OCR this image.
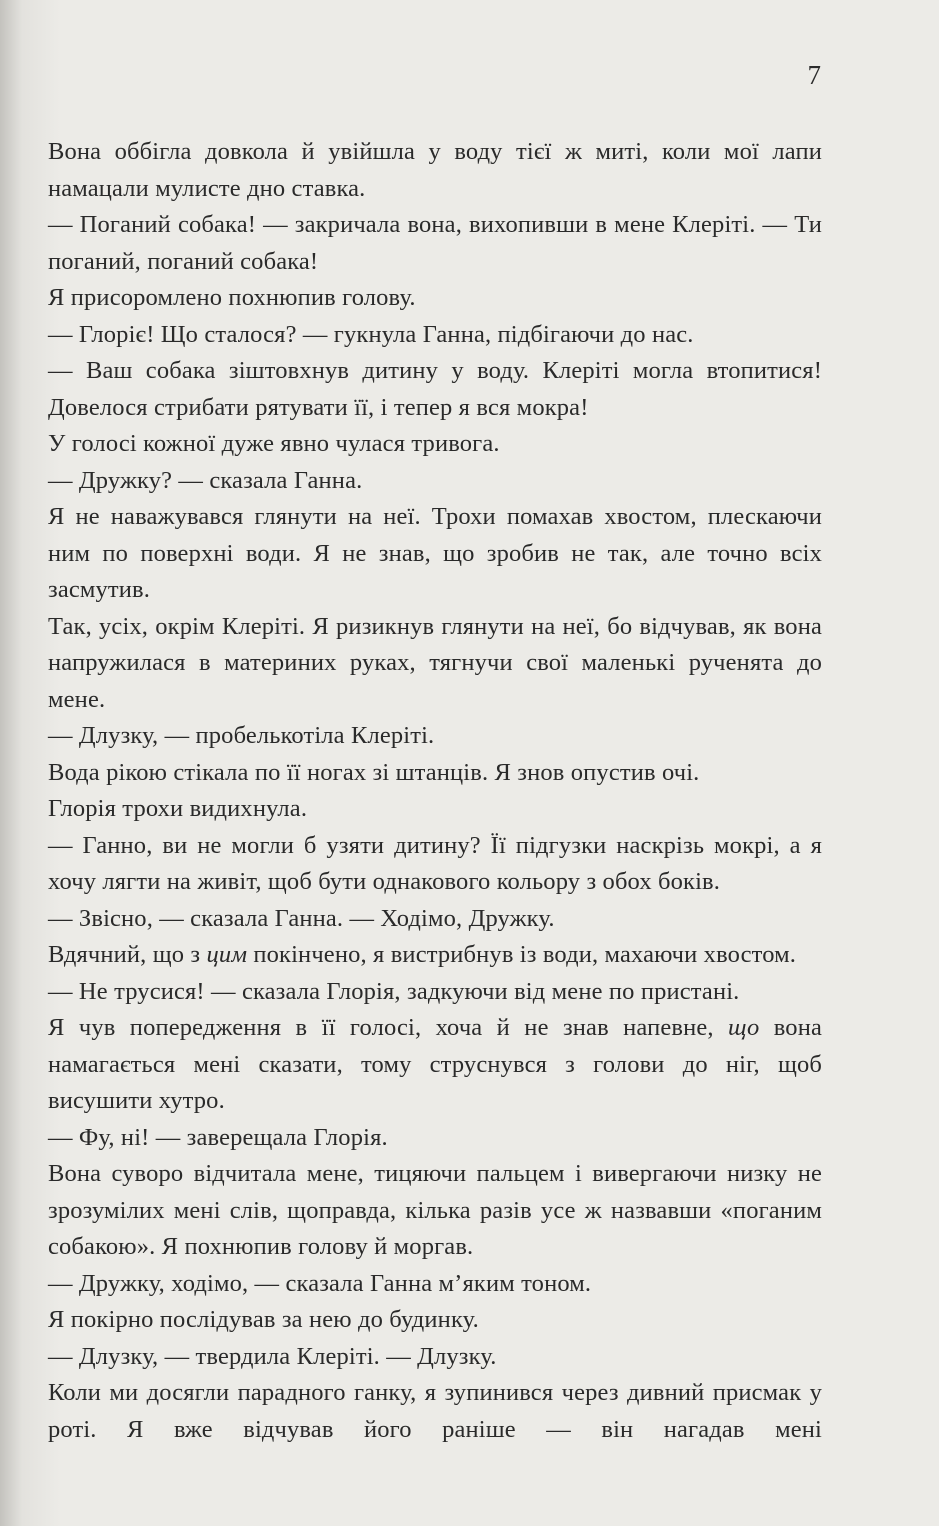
7

Вона оббігла довкола й увійшла у воду тієї ж миті, коли мої лапи намацали мулисте дно ставка.

— Поганий собака! — закричала вона, вихопивши в мене Клеріті. — Ти поганий, поганий собака!

Я присоромлено похнюпив голову.

— Глоріє! Що сталося? — гукнула Ганна, підбігаючи до нас.

— Ваш собака зіштовхнув дитину у воду. Клеріті могла втопитися! Довелося стрибати рятувати її, і тепер я вся мокра!

У голосі кожної дуже явно чулася тривога.

— Дружку? — сказала Ганна.

Я не наважувався глянути на неї. Трохи помахав хвостом, плескаючи ним по поверхні води. Я не знав, що зробив не так, але точно всіх засмутив.

Так, усіх, окрім Клеріті. Я ризикнув глянути на неї, бо відчував, як вона напружилася в материних руках, тягнучи свої маленькі рученята до мене.

— Длузку, — пробелькотіла Клеріті.

Вода рікою стікала по її ногах зі штанців. Я знов опустив очі.

Глорія трохи видихнула.

— Ганно, ви не могли б узяти дитину? Її підгузки наскрізь мокрі, а я хочу лягти на живіт, щоб бути однакового кольору з обох боків.

— Звісно, — сказала Ганна. — Ходімо, Дружку.

Вдячний, що з цим покінчено, я вистрибнув із води, махаючи хвостом.

— Не трусися! — сказала Глорія, задкуючи від мене по пристані.

Я чув попередження в її голосі, хоча й не знав напевне, що вона намагається мені сказати, тому струснувся з голови до ніг, щоб висушити хутро.

— Фу, ні! — заверещала Глорія.

Вона суворо відчитала мене, тицяючи пальцем і вивергаючи низку не зрозумілих мені слів, щоправда, кілька разів усе ж назвавши «поганим собакою». Я похнюпив голову й моргав.

— Дружку, ходімо, — сказала Ганна м’яким тоном.

Я покірно послідував за нею до будинку.

— Длузку, — твердила Клеріті. — Длузку.

Коли ми досягли парадного ганку, я зупинився через дивний присмак у роті. Я вже відчував його раніше — він нагадав мені
